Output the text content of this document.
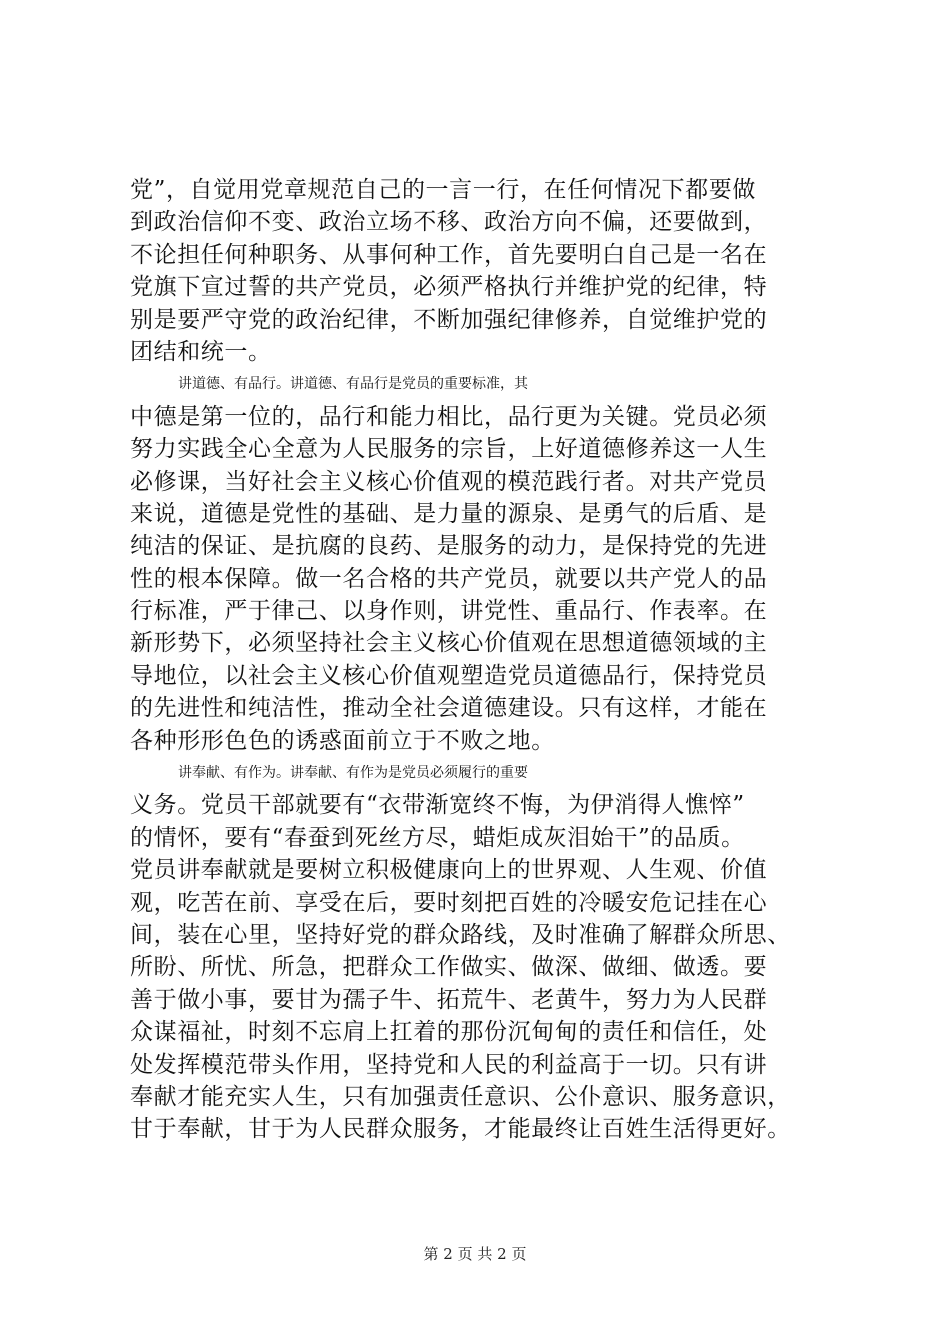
党”，自觉用党章规范自己的一言一行，在任何情况下都要做
到政治信仰不变、政治立场不移、政治方向不偏，还要做到，
不论担任何种职务、从事何种工作，首先要明白自己是一名在
党旗下宣过誓的共产党员，必须严格执行并维护党的纪律，特
别是要严守党的政治纪律，不断加强纪律修养，自觉维护党的
团结和统一。
讲道德、有品行。讲道德、有品行是党员的重要标准，其
中德是第一位的，品行和能力相比，品行更为关键。党员必须
努力实践全心全意为人民服务的宗旨，上好道德修养这一人生
必修课，当好社会主义核心价值观的模范践行者。对共产党员
来说，道德是党性的基础、是力量的源泉、是勇气的后盾、是
纯洁的保证、是抗腐的良药、是服务的动力，是保持党的先进
性的根本保障。做一名合格的共产党员，就要以共产党人的品
行标准，严于律己、以身作则，讲党性、重品行、作表率。在
新形势下，必须坚持社会主义核心价值观在思想道德领域的主
导地位，以社会主义核心价值观塑造党员道德品行，保持党员
的先进性和纯洁性，推动全社会道德建设。只有这样，才能在
各种形形色色的诱惑面前立于不败之地。
讲奉献、有作为。讲奉献、有作为是党员必须履行的重要
义务。党员干部就要有“衣带渐宽终不悔，为伊消得人憔悴”
的情怀，要有“春蚕到死丝方尽，蜡炬成灰泪始干”的品质。
党员讲奉献就是要树立积极健康向上的世界观、人生观、价值
观，吃苦在前、享受在后，要时刻把百姓的冷暖安危记挂在心
间，装在心里，坚持好党的群众路线，及时准确了解群众所思、
所盼、所忧、所急，把群众工作做实、做深、做细、做透。要
善于做小事，要甘为孺子牛、拓荒牛、老黄牛，努力为人民群
众谋福祉，时刻不忘肩上扛着的那份沉甸甸的责任和信任，处
处发挥模范带头作用，坚持党和人民的利益高于一切。只有讲
奉献才能充实人生，只有加强责任意识、公仆意识、服务意识，
甘于奉献，甘于为人民群众服务，才能最终让百姓生活得更好。
第 2 页 共 2 页
